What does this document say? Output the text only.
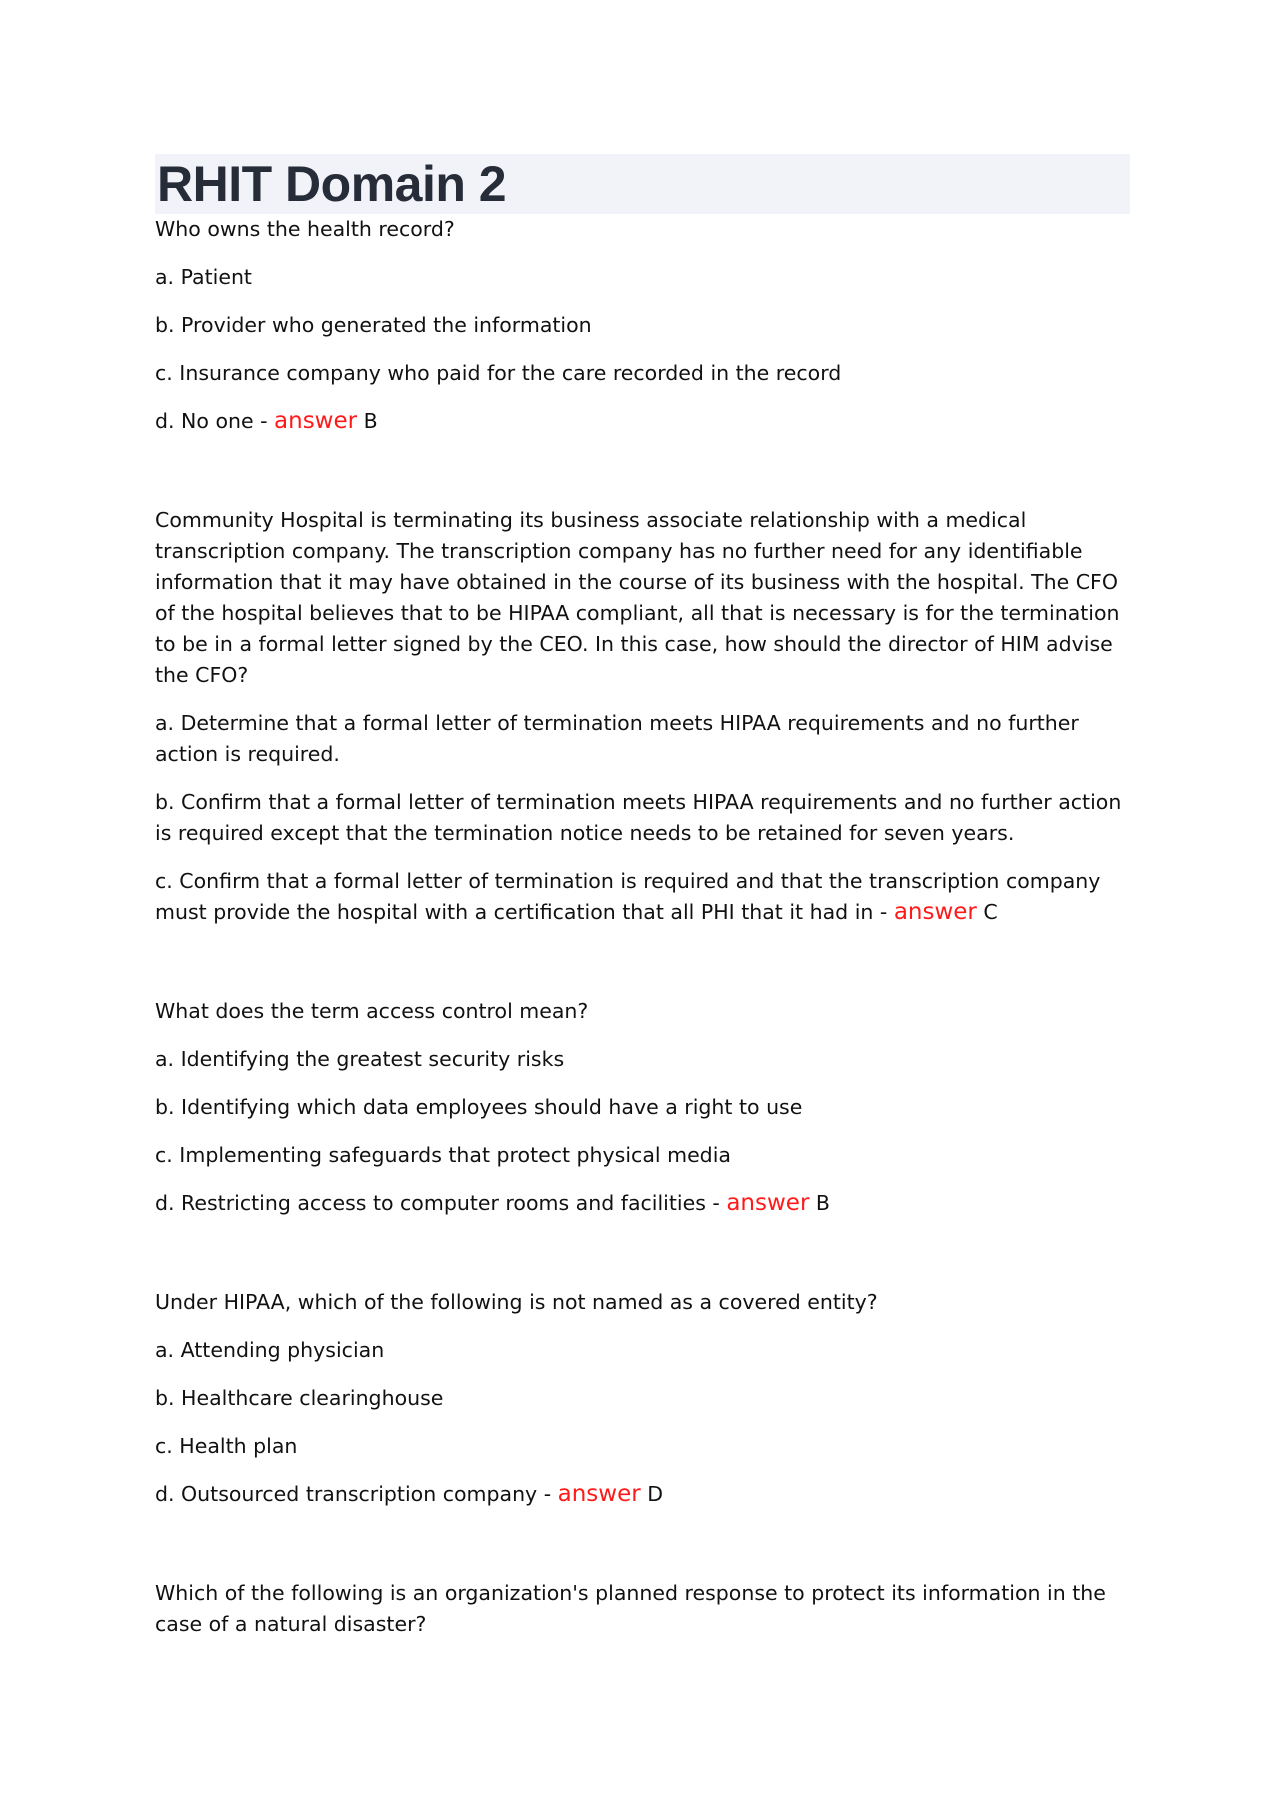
RHIT Domain 2

Who owns the health record?

a. Patient

b. Provider who generated the information

c. Insurance company who paid for the care recorded in the record

d. No one - answer B

Community Hospital is terminating its business associate relationship with a medical transcription company. The transcription company has no further need for any identifiable information that it may have obtained in the course of its business with the hospital. The CFO of the hospital believes that to be HIPAA compliant, all that is necessary is for the termination to be in a formal letter signed by the CEO. In this case, how should the director of HIM advise the CFO?

a. Determine that a formal letter of termination meets HIPAA requirements and no further action is required.

b. Confirm that a formal letter of termination meets HIPAA requirements and no further action is required except that the termination notice needs to be retained for seven years.

c. Confirm that a formal letter of termination is required and that the transcription company must provide the hospital with a certification that all PHI that it had in - answer C

What does the term access control mean?

a. Identifying the greatest security risks

b. Identifying which data employees should have a right to use

c. Implementing safeguards that protect physical media

d. Restricting access to computer rooms and facilities - answer B

Under HIPAA, which of the following is not named as a covered entity?

a. Attending physician

b. Healthcare clearinghouse

c. Health plan

d. Outsourced transcription company - answer D

Which of the following is an organization's planned response to protect its information in the case of a natural disaster?
